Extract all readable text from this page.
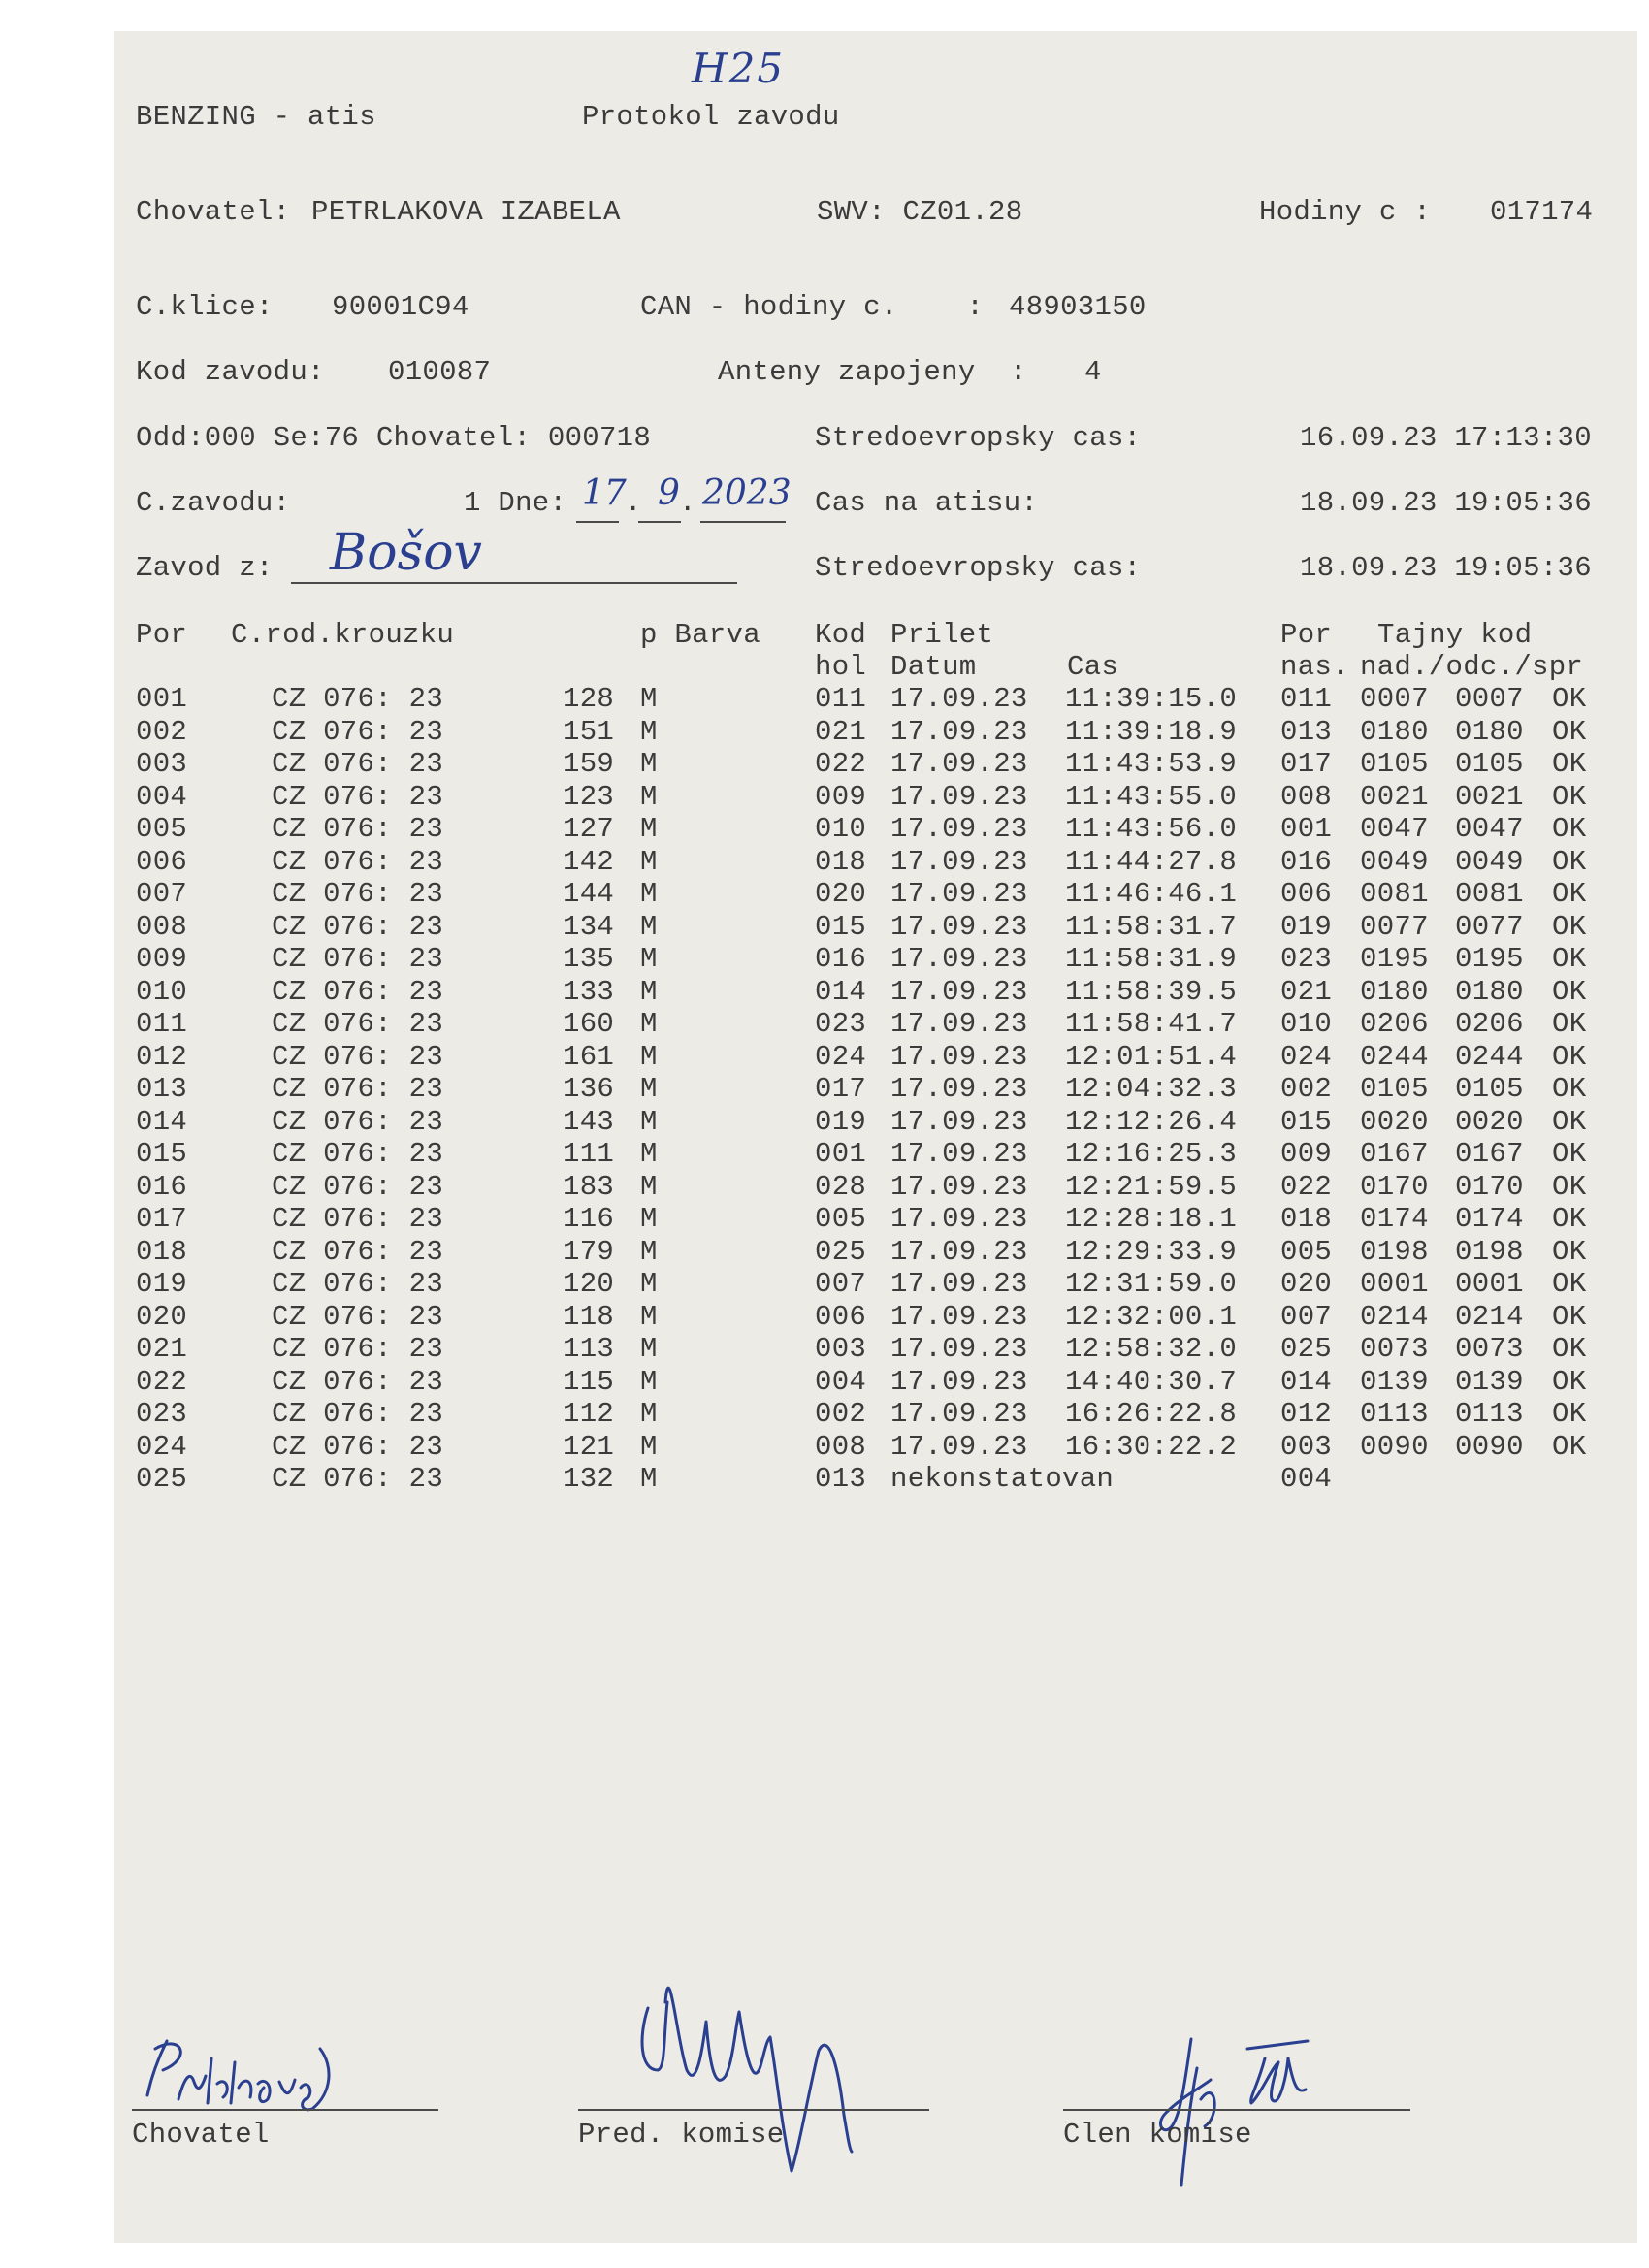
H25
BENZING - atis	Protokol zavodu
Chovatel: PETRLAKOVA IZABELA	SWV: CZ01.28	Hodiny c : 017174
C.klice: 90001C94	CAN - hodiny c.    : 48903150
Kod zavodu: 010087	Anteny zapojeny  : 4
Odd:000 Se:76 Chovatel: 000718	Stredoevropsky cas:	16.09.23 17:13:30
C.zavodu:	1 Dne: 17
. 9 . 2023 Cas na atisu:	18.09.23 19:05:36
Zavod z: Bošov	Stredoevropsky cas:	18.09.23 19:05:36
Por C.rod.krouzku	p Barva Kod Prilet	Por Tajny kod
hol Datum	Cas	nas. nad./odc./spr
001	CZ 076: 23	128 M	011 17.09.23 11:39:15.0 011 0007 0007 OK
002	CZ 076: 23	151 M	021 17.09.23 11:39:18.9 013 0180 0180 OK
003	CZ 076: 23	159 M	022 17.09.23 11:43:53.9 017 0105 0105 OK
004	CZ 076: 23	123 M	009 17.09.23 11:43:55.0 008 0021 0021 OK
005	CZ 076: 23	127 M	010 17.09.23 11:43:56.0 001 0047 0047 OK
006	CZ 076: 23	142 M	018 17.09.23 11:44:27.8 016 0049 0049 OK
007	CZ 076: 23	144 M	020 17.09.23 11:46:46.1 006 0081 0081 OK
008	CZ 076: 23	134 M	015 17.09.23 11:58:31.7 019 0077 0077 OK
009	CZ 076: 23	135 M	016 17.09.23 11:58:31.9 023 0195 0195 OK
010	CZ 076: 23	133 M	014 17.09.23 11:58:39.5 021 0180 0180 OK
011	CZ 076: 23	160 M	023 17.09.23 11:58:41.7 010 0206 0206 OK
012	CZ 076: 23	161 M	024 17.09.23 12:01:51.4 024 0244 0244 OK
013	CZ 076: 23	136 M	017 17.09.23 12:04:32.3 002 0105 0105 OK
014	CZ 076: 23	143 M	019 17.09.23 12:12:26.4 015 0020 0020 OK
015	CZ 076: 23	111 M	001 17.09.23 12:16:25.3 009 0167 0167 OK
016	CZ 076: 23	183 M	028 17.09.23 12:21:59.5 022 0170 0170 OK
017	CZ 076: 23	116 M	005 17.09.23 12:28:18.1 018 0174 0174 OK
018	CZ 076: 23	179 M	025 17.09.23 12:29:33.9 005 0198 0198 OK
019	CZ 076: 23	120 M	007 17.09.23 12:31:59.0 020 0001 0001 OK
020	CZ 076: 23	118 M	006 17.09.23 12:32:00.1 007 0214 0214 OK
021	CZ 076: 23	113 M	003 17.09.23 12:58:32.0 025 0073 0073 OK
022	CZ 076: 23	115 M	004 17.09.23 14:40:30.7 014 0139 0139 OK
023	CZ 076: 23	112 M	002 17.09.23 16:26:22.8 012 0113 0113 OK
024	CZ 076: 23	121 M	008 17.09.23 16:30:22.2 003 0090 0090 OK
025	CZ 076: 23	132 M	013 nekonstatovan	004
Chovatel	Pred. komise	Clen komise
